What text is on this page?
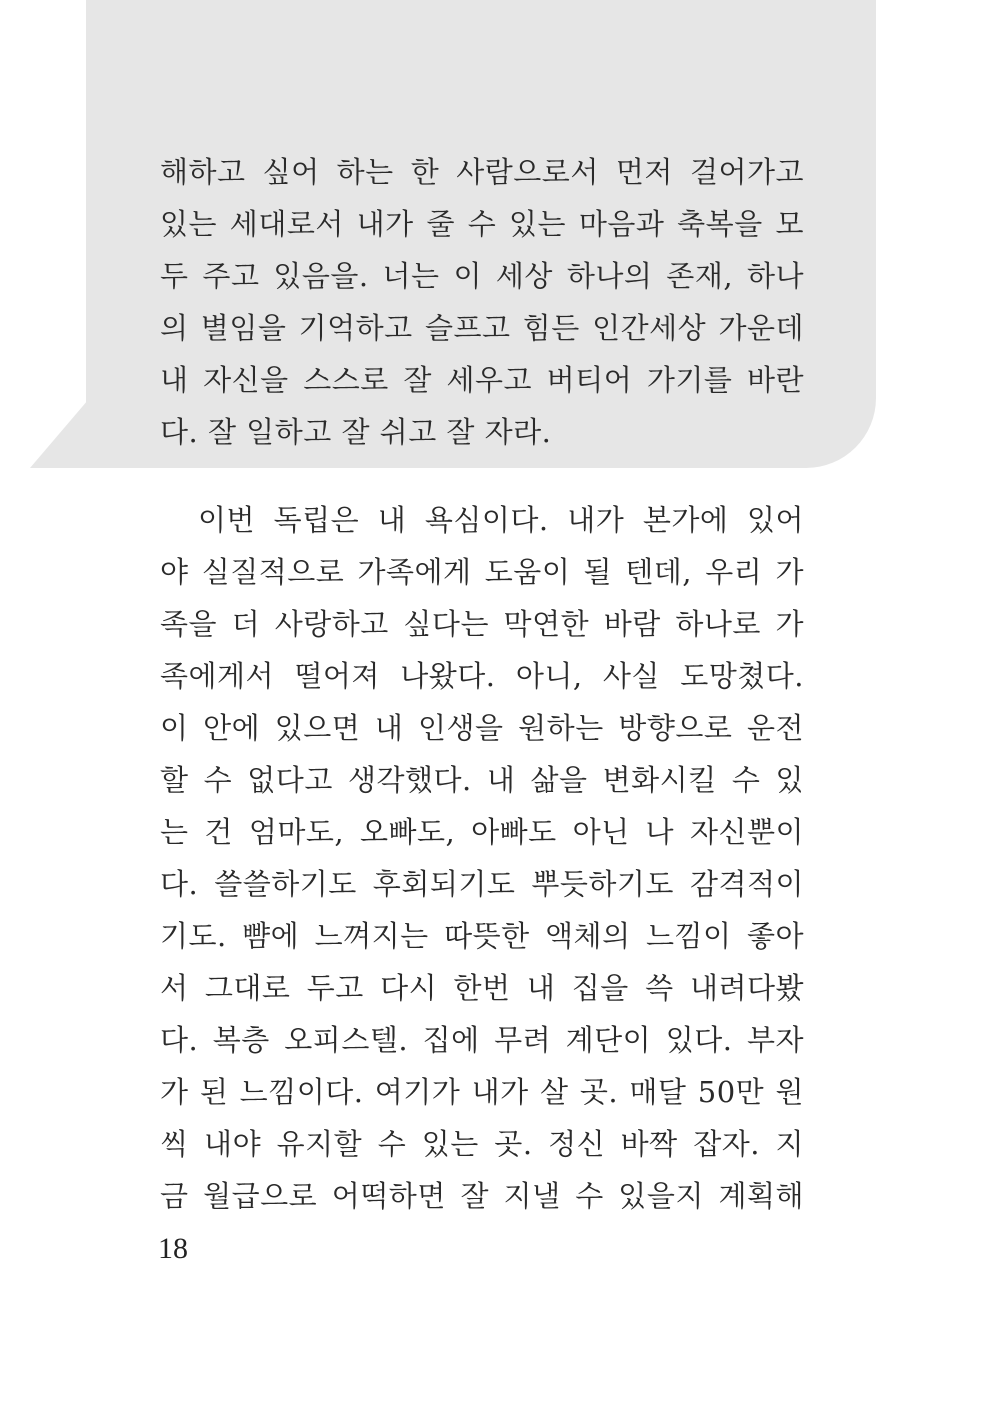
해하고 싶어 하는 한 사람으로서 먼저 걸어가고
있는 세대로서 내가 줄 수 있는 마음과 축복을 모
두 주고 있음을. 너는 이 세상 하나의 존재, 하나
의 별임을 기억하고 슬프고 힘든 인간세상 가운데
내 자신을 스스로 잘 세우고 버티어 가기를 바란
다. 잘 일하고 잘 쉬고 잘 자라.
이번 독립은 내 욕심이다. 내가 본가에 있어
야 실질적으로 가족에게 도움이 될 텐데, 우리 가
족을 더 사랑하고 싶다는 막연한 바람 하나로 가
족에게서 떨어져 나왔다. 아니, 사실 도망쳤다.
이 안에 있으면 내 인생을 원하는 방향으로 운전
할 수 없다고 생각했다. 내 삶을 변화시킬 수 있
는 건 엄마도, 오빠도, 아빠도 아닌 나 자신뿐이
다. 쓸쓸하기도 후회되기도 뿌듯하기도 감격적이
기도. 뺨에 느껴지는 따뜻한 액체의 느낌이 좋아
서 그대로 두고 다시 한번 내 집을 쓱 내려다봤
다. 복층 오피스텔. 집에 무려 계단이 있다. 부자
가 된 느낌이다. 여기가 내가 살 곳. 매달 50만 원
씩 내야 유지할 수 있는 곳. 정신 바짝 잡자. 지
금 월급으로 어떡하면 잘 지낼 수 있을지 계획해
18
